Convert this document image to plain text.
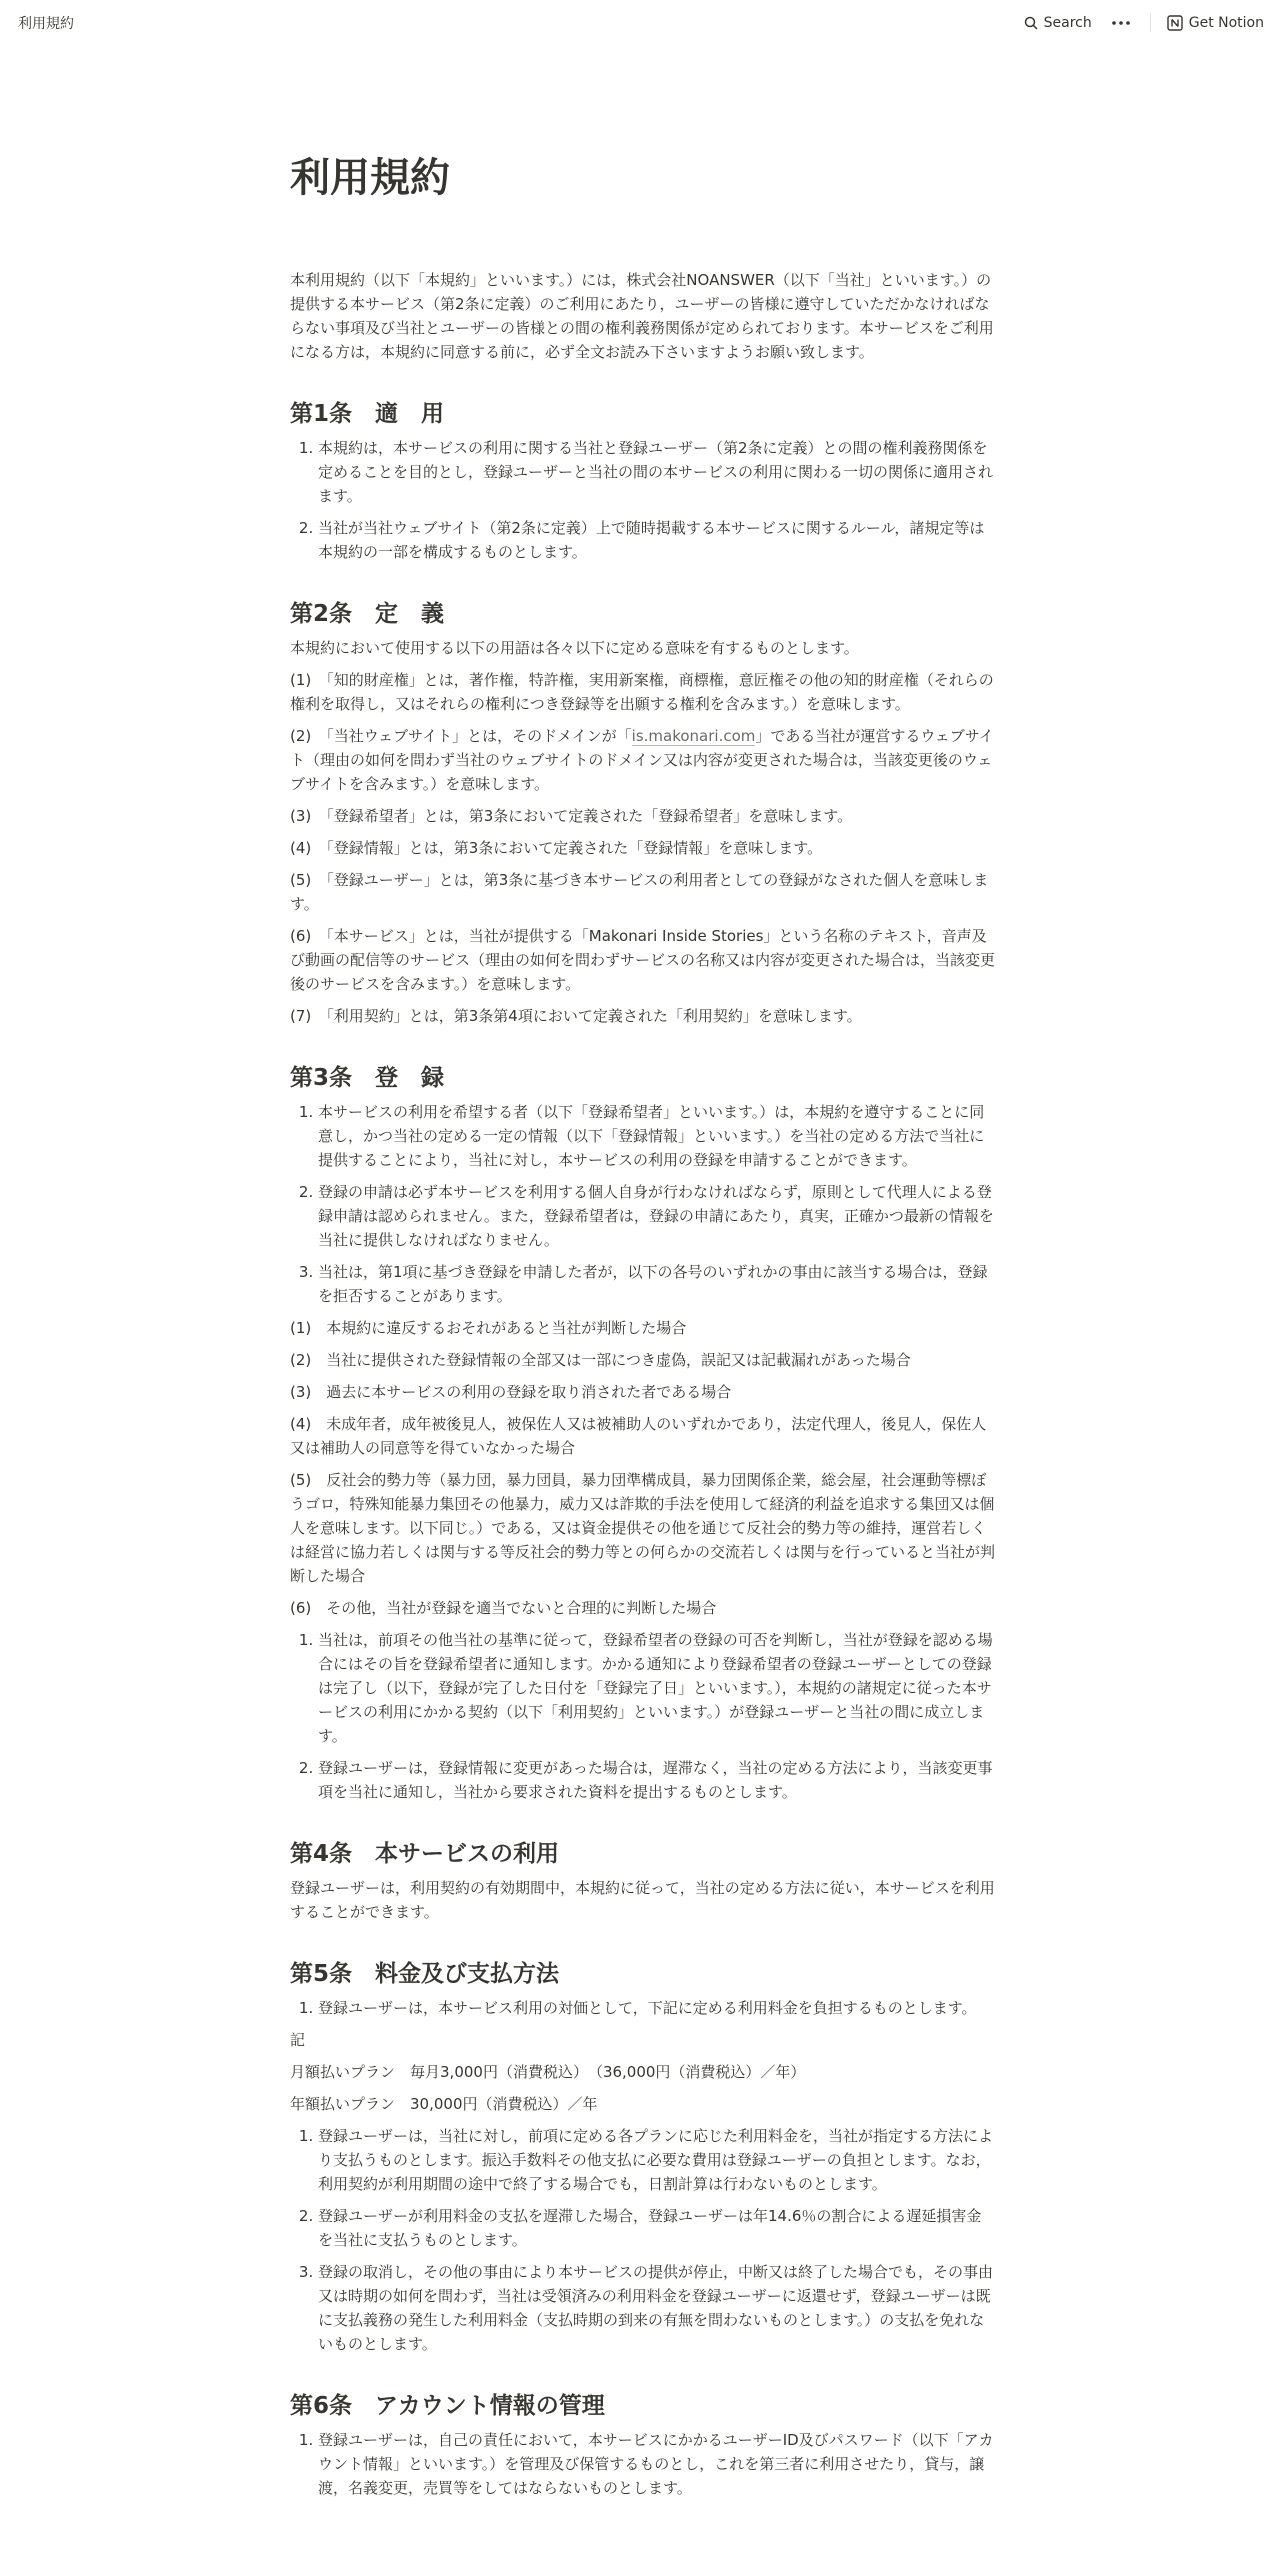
利用規約	Search	Get Notion
利用規約

本利用規約（以下「本規約」といいます。）には，株式会社NOANSWER（以下「当社」といいます。）の提供する本サービス（第2条に定義）のご利用にあたり，ユーザーの皆様に遵守していただかなければならない事項及び当社とユーザーの皆様との間の権利義務関係が定められております。本サービスをご利用になる方は，本規約に同意する前に，必ず全文お読み下さいますようお願い致します。

第1条　適　用
1. 本規約は，本サービスの利用に関する当社と登録ユーザー（第2条に定義）との間の権利義務関係を定めることを目的とし，登録ユーザーと当社の間の本サービスの利用に関わる一切の関係に適用されます。
2. 当社が当社ウェブサイト（第2条に定義）上で随時掲載する本サービスに関するルール，諸規定等は本規約の一部を構成するものとします。
第2条　定　義

本規約において使用する以下の用語は各々以下に定める意味を有するものとします。

(1)　「知的財産権」とは，著作権，特許権，実用新案権，商標権，意匠権その他の知的財産権（それらの権利を取得し，又はそれらの権利につき登録等を出願する権利を含みます。）を意味します。

(2)　「当社ウェブサイト」とは，そのドメインが「is.makonari.com」である当社が運営するウェブサイト（理由の如何を問わず当社のウェブサイトのドメイン又は内容が変更された場合は，当該変更後のウェブサイトを含みます。）を意味します。

(3)　「登録希望者」とは，第3条において定義された「登録希望者」を意味します。

(4)　「登録情報」とは，第3条において定義された「登録情報」を意味します。

(5)　「登録ユーザー」とは，第3条に基づき本サービスの利用者としての登録がなされた個人を意味します。

(6)　「本サービス」とは，当社が提供する「Makonari Inside Stories」という名称のテキスト，音声及び動画の配信等のサービス（理由の如何を問わずサービスの名称又は内容が変更された場合は，当該変更後のサービスを含みます。）を意味します。

(7)　「利用契約」とは，第3条第4項において定義された「利用契約」を意味します。

第3条　登　録
1. 本サービスの利用を希望する者（以下「登録希望者」といいます。）は，本規約を遵守することに同意し，かつ当社の定める一定の情報（以下「登録情報」といいます。）を当社の定める方法で当社に提供することにより，当社に対し，本サービスの利用の登録を申請することができます。
2. 登録の申請は必ず本サービスを利用する個人自身が行わなければならず，原則として代理人による登録申請は認められません。また，登録希望者は，登録の申請にあたり，真実，正確かつ最新の情報を当社に提供しなければなりません。
3. 当社は，第1項に基づき登録を申請した者が，以下の各号のいずれかの事由に該当する場合は，登録を拒否することがあります。

(1)　本規約に違反するおそれがあると当社が判断した場合

(2)　当社に提供された登録情報の全部又は一部につき虚偽，誤記又は記載漏れがあった場合

(3)　過去に本サービスの利用の登録を取り消された者である場合

(4)　未成年者，成年被後見人，被保佐人又は被補助人のいずれかであり，法定代理人，後見人，保佐人又は補助人の同意等を得ていなかった場合

(5)　反社会的勢力等（暴力団，暴力団員，暴力団準構成員，暴力団関係企業，総会屋，社会運動等標ぼうゴロ，特殊知能暴力集団その他暴力，威力又は詐欺的手法を使用して経済的利益を追求する集団又は個人を意味します。以下同じ。）である，又は資金提供その他を通じて反社会的勢力等の維持，運営若しくは経営に協力若しくは関与する等反社会的勢力等との何らかの交流若しくは関与を行っていると当社が判断した場合

(6)　その他，当社が登録を適当でないと合理的に判断した場合

1. 当社は，前項その他当社の基準に従って，登録希望者の登録の可否を判断し，当社が登録を認める場合にはその旨を登録希望者に通知します。かかる通知により登録希望者の登録ユーザーとしての登録は完了し（以下，登録が完了した日付を「登録完了日」といいます。），本規約の諸規定に従った本サービスの利用にかかる契約（以下「利用契約」といいます。）が登録ユーザーと当社の間に成立します。
2. 登録ユーザーは，登録情報に変更があった場合は，遅滞なく，当社の定める方法により，当該変更事項を当社に通知し，当社から要求された資料を提出するものとします。
第4条　本サービスの利用

登録ユーザーは，利用契約の有効期間中，本規約に従って，当社の定める方法に従い，本サービスを利用することができます。

第5条　料金及び支払方法
1. 登録ユーザーは，本サービス利用の対価として，下記に定める利用料金を負担するものとします。

記

月額払いプラン　毎月3,000円（消費税込）　（36,000円（消費税込）／年）

年額払いプラン　30,000円（消費税込）／年

1. 登録ユーザーは，当社に対し，前項に定める各プランに応じた利用料金を，当社が指定する方法により支払うものとします。振込手数料その他支払に必要な費用は登録ユーザーの負担とします。なお，利用契約が利用期間の途中で終了する場合でも，日割計算は行わないものとします。
2. 登録ユーザーが利用料金の支払を遅滞した場合，登録ユーザーは年14.6％の割合による遅延損害金を当社に支払うものとします。
3. 登録の取消し，その他の事由により本サービスの提供が停止，中断又は終了した場合でも，その事由又は時期の如何を問わず，当社は受領済みの利用料金を登録ユーザーに返還せず，登録ユーザーは既に支払義務の発生した利用料金（支払時期の到来の有無を問わないものとします。）の支払を免れないものとします。
第6条　アカウント情報の管理
1. 登録ユーザーは，自己の責任において，本サービスにかかるユーザーID及びパスワード（以下「アカウント情報」といいます。）を管理及び保管するものとし，これを第三者に利用させたり，貸与，譲渡，名義変更，売買等をしてはならないものとします。
